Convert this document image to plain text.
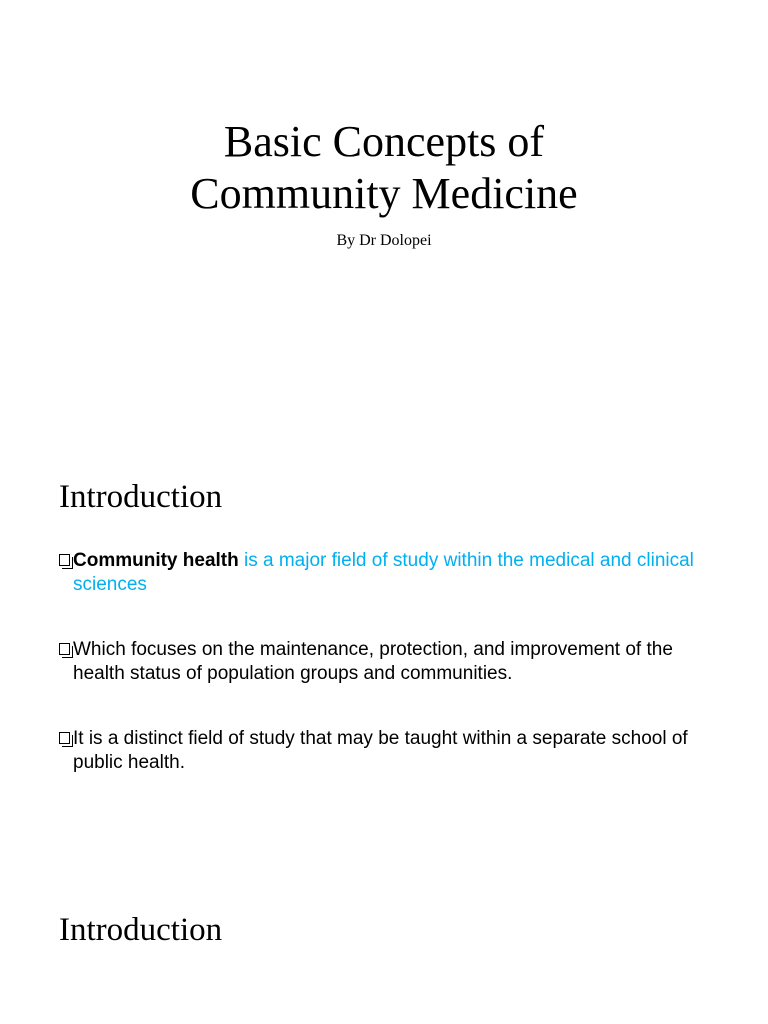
Basic Concepts of
Community Medicine
By Dr Dolopei
Introduction
Community health is a major field of study within the medical and clinical sciences
Which focuses on the maintenance, protection, and improvement of the health status of population groups and communities.
It is a distinct field of study that may be taught within a separate school of public health.
Introduction
